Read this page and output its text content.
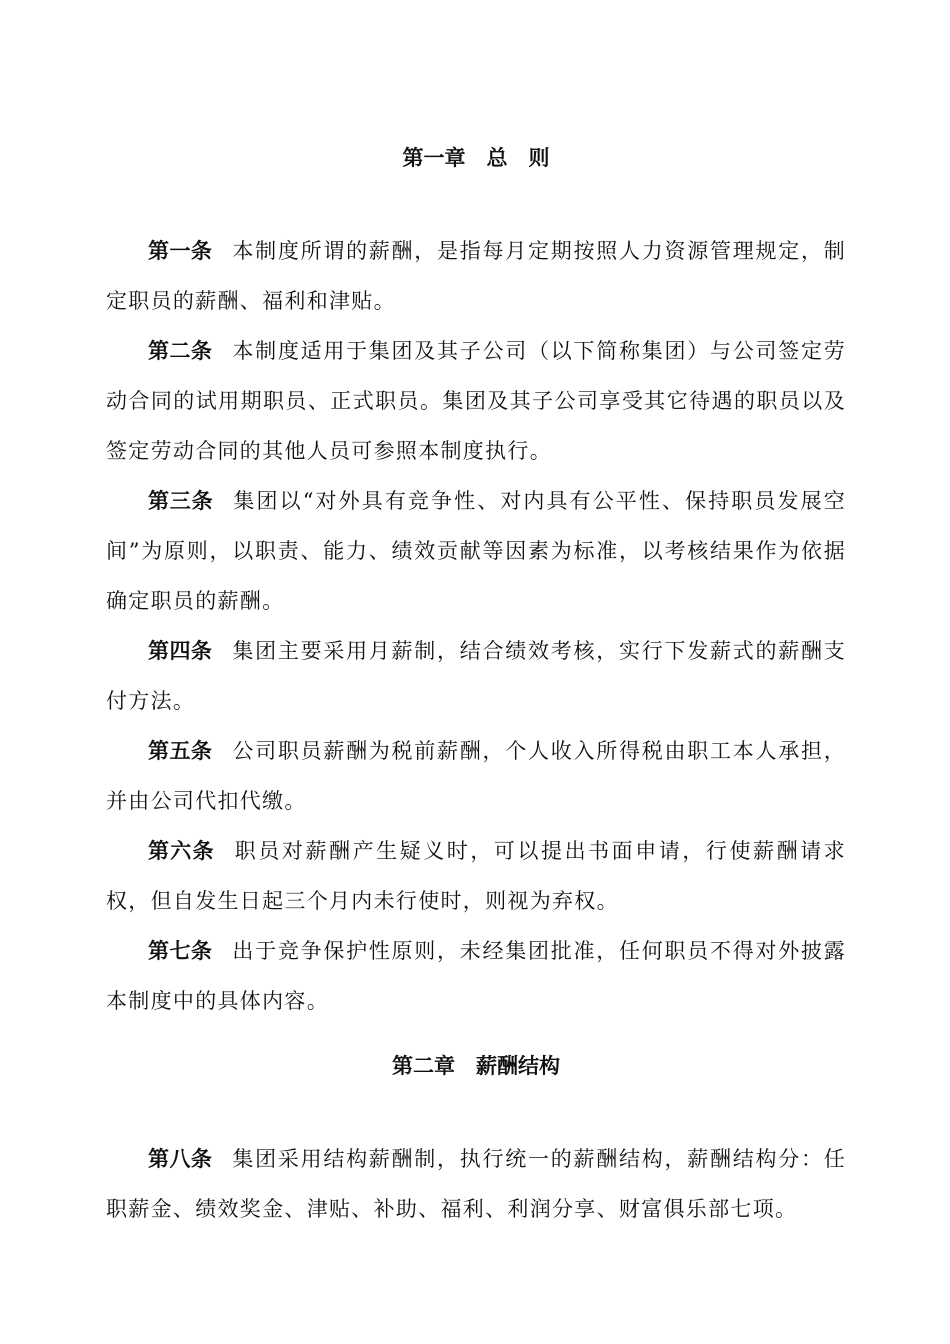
第一章　总　则

第一条 本制度所谓的薪酬，是指每月定期按照人力资源管理规定，制定职员的薪酬、福利和津贴。

第二条 本制度适用于集团及其子公司（以下简称集团）与公司签定劳动合同的试用期职员、正式职员。集团及其子公司享受其它待遇的职员以及签定劳动合同的其他人员可参照本制度执行。

第三条 集团以“对外具有竞争性、对内具有公平性、保持职员发展空间”为原则，以职责、能力、绩效贡献等因素为标准，以考核结果作为依据确定职员的薪酬。

第四条 集团主要采用月薪制，结合绩效考核，实行下发薪式的薪酬支付方法。

第五条 公司职员薪酬为税前薪酬，个人收入所得税由职工本人承担，并由公司代扣代缴。

第六条 职员对薪酬产生疑义时，可以提出书面申请，行使薪酬请求权，但自发生日起三个月内未行使时，则视为弃权。

第七条 出于竞争保护性原则，未经集团批准，任何职员不得对外披露本制度中的具体内容。

第二章　薪酬结构

第八条 集团采用结构薪酬制，执行统一的薪酬结构，薪酬结构分：任职薪金、绩效奖金、津贴、补助、福利、利润分享、财富俱乐部七项。
